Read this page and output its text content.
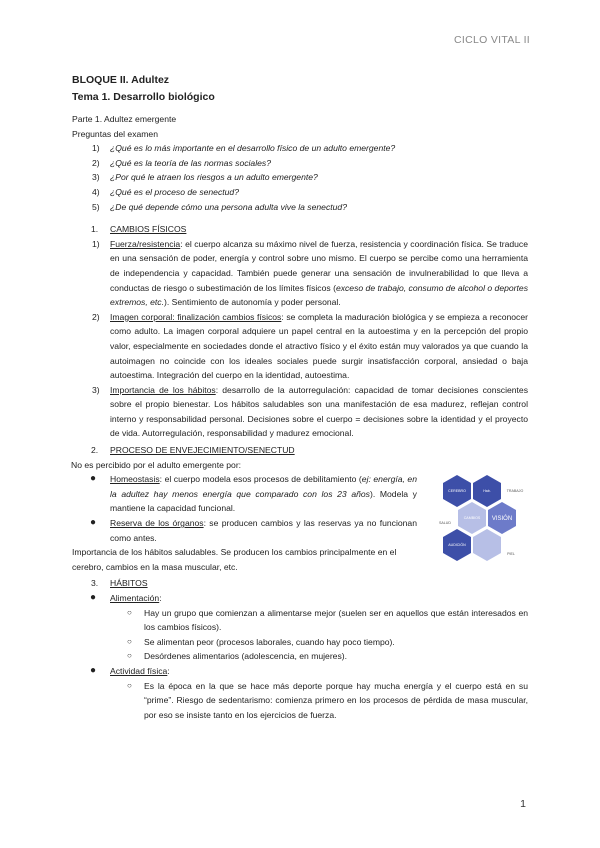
CICLO VITAL II
BLOQUE II. Adultez
Tema 1. Desarrollo biológico

Parte 1. Adultez emergente

Preguntas del examen

1) ¿Qué es lo más importante en el desarrollo físico de un adulto emergente?
2) ¿Qué es la teoría de las normas sociales?
3) ¿Por qué le atraen los riesgos a un adulto emergente?
4) ¿Qué es el proceso de senectud?
5) ¿De qué depende cómo una persona adulta vive la senectud?
1. CAMBIOS FÍSICOS
1) Fuerza/resistencia: el cuerpo alcanza su máximo nivel de fuerza, resistencia y coordinación física. Se traduce en una sensación de poder, energía y control sobre uno mismo. El cuerpo se percibe como una herramienta de independencia y capacidad. También puede generar una sensación de invulnerabilidad lo que lleva a conductas de riesgo o subestimación de los límites físicos (exceso de trabajo, consumo de alcohol o deportes extremos, etc.). Sentimiento de autonomía y poder personal.
2) Imagen corporal: finalización cambios físicos: se completa la maduración biológica y se empieza a reconocer como adulto. La imagen corporal adquiere un papel central en la autoestima y en la percepción del propio valor, especialmente en sociedades donde el atractivo físico y el éxito están muy valorados ya que cuando la autoimagen no coincide con los ideales sociales puede surgir insatisfacción corporal, ansiedad o baja autoestima. Integración del cuerpo en la identidad, autoestima.
3) Importancia de los hábitos: desarrollo de la autorregulación: capacidad de tomar decisiones conscientes sobre el propio bienestar. Los hábitos saludables son una manifestación de esa madurez, reflejan control interno y responsabilidad personal. Decisiones sobre el cuerpo = decisiones sobre la identidad y el proyecto de vida. Autorregulación, responsabilidad y madurez emocional.
2. PROCESO DE ENVEJECIMIENTO/SENECTUD

No es percibido por el adulto emergente por:

● Homeostasis: el cuerpo modela esos procesos de debilitamiento (ej: energía, en la adultez hay menos energía que comparado con los 23 años). Modela y mantiene la capacidad funcional.
● Reserva de los órganos: se producen cambios y las reservas ya no funcionan como antes.

Importancia de los hábitos saludables. Se producen los cambios principalmente en el cerebro, cambios en la masa muscular, etc.

3. HÁBITOS
● Alimentación:
○ Hay un grupo que comienzan a alimentarse mejor (suelen ser en aquellos que están interesados en los cambios físicos).
○ Se alimentan peor (procesos laborales, cuando hay poco tiempo).
○ Desórdenes alimentarios (adolescencia, en mujeres).
● Actividad física:
○ Es la época en la que se hace más deporte porque hay mucha energía y el cuerpo está en su “prime”. Riesgo de sedentarismo: comienza primero en los procesos de pérdida de masa muscular, por eso se insiste tanto en los ejercicios de fuerza.
CEREBRO	Hab.	TRABAJO
SALUD
CAMBIOS VISIÓN
AUDICIÓN
PIEL
1
